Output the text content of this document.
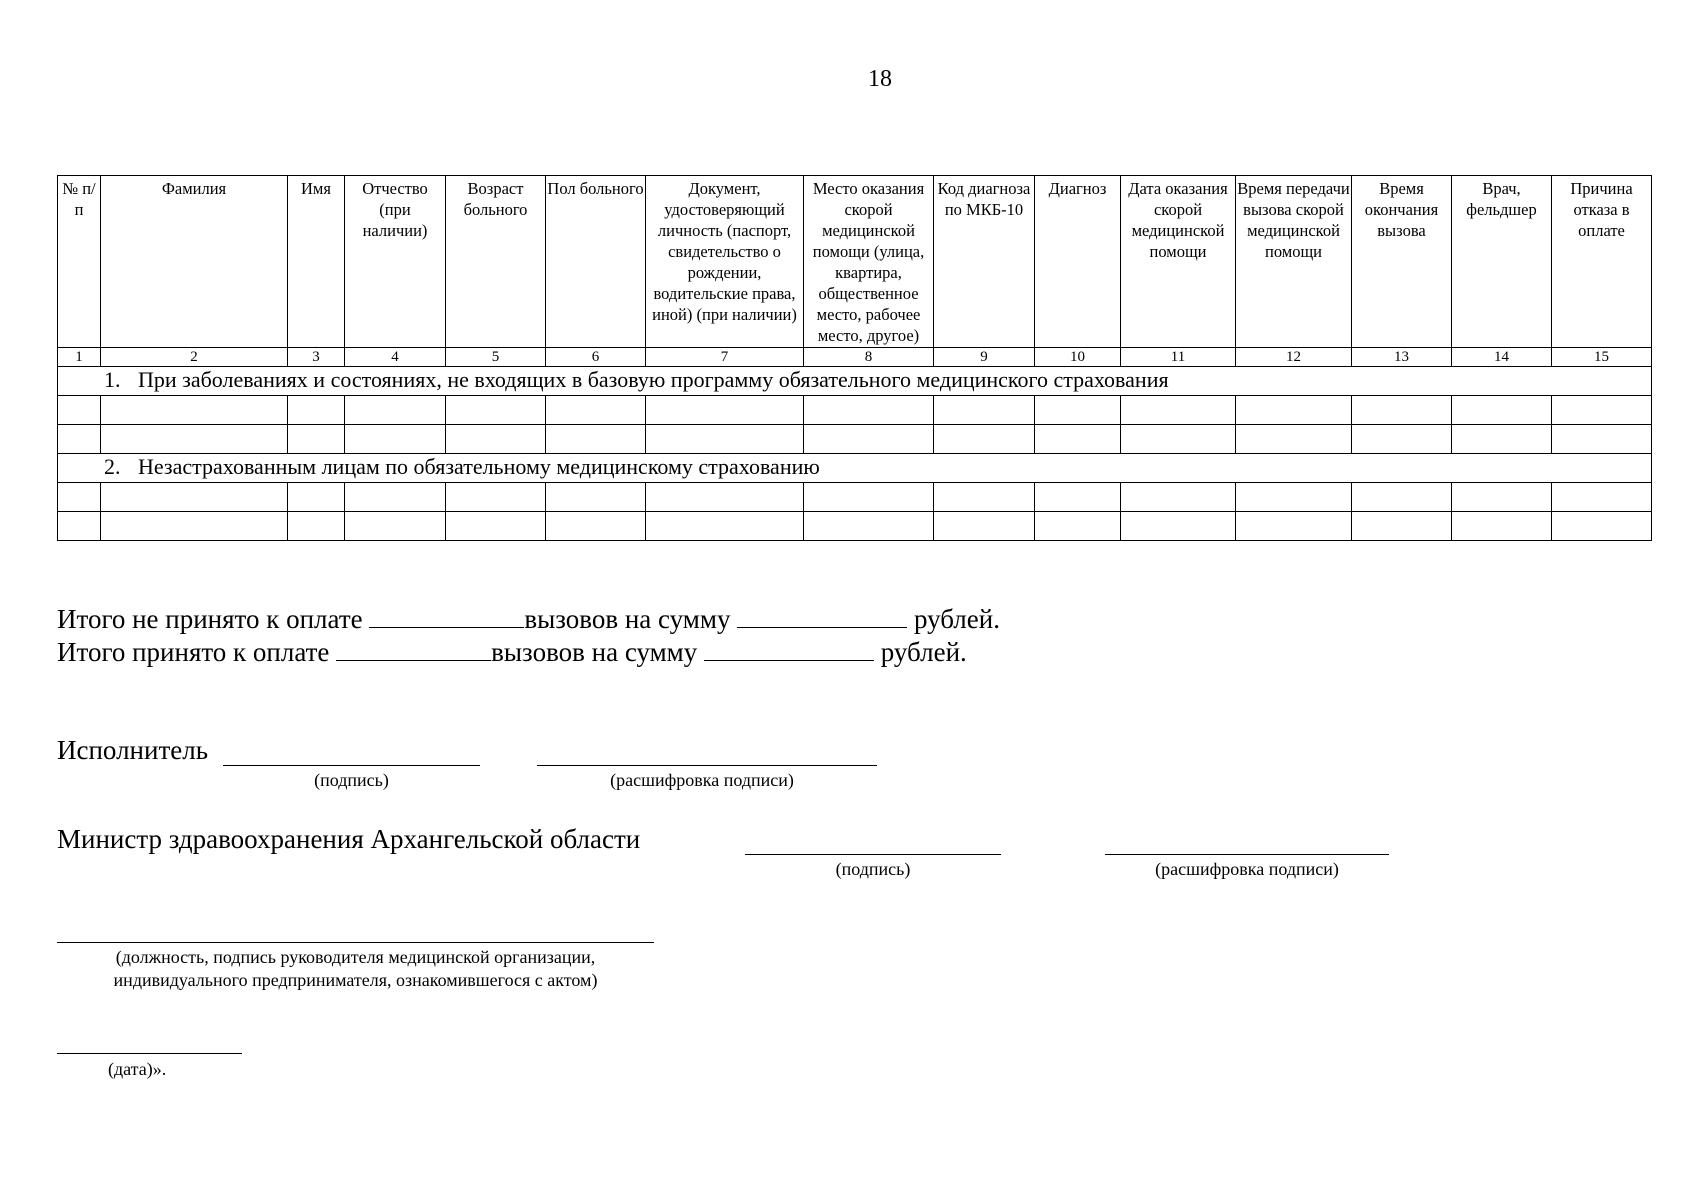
18
№ п/п	Фамилия	Имя	Отчество (при наличии)	Возраст больного	Пол больного	Документ, удостоверяющий личность (паспорт, свидетельство о рождении, водительские права, иной) (при наличии)	Место оказания скорой медицинской помощи (улица, квартира, общественное место, рабочее место, другое)	Код диагноза по МКБ-10	Диагноз	Дата оказания скорой медицинской помощи	Время передачи вызова скорой медицинской помощи	Время окончания вызова	Врач, фельдшер	Причина отказа в оплате
1	2	3	4	5	6	7	8	9	10	11	12	13	14	15
1. При заболеваниях и состояниях, не входящих в базовую программу обязательного медицинского страхования														

2. Незастрахованным лицам по обязательному медицинскому страхованию														

Итого не принято к оплате	вызовов на сумму	рублей.
Итого принято к оплате	вызовов на сумму	рублей.
Исполнитель
(подпись)	(расшифровка подписи)
Министр здравоохранения Архангельской области
(подпись)	(расшифровка подписи)
(должность, подпись руководителя медицинской организации,
индивидуального предпринимателя, ознакомившегося с актом)
(дата)».
